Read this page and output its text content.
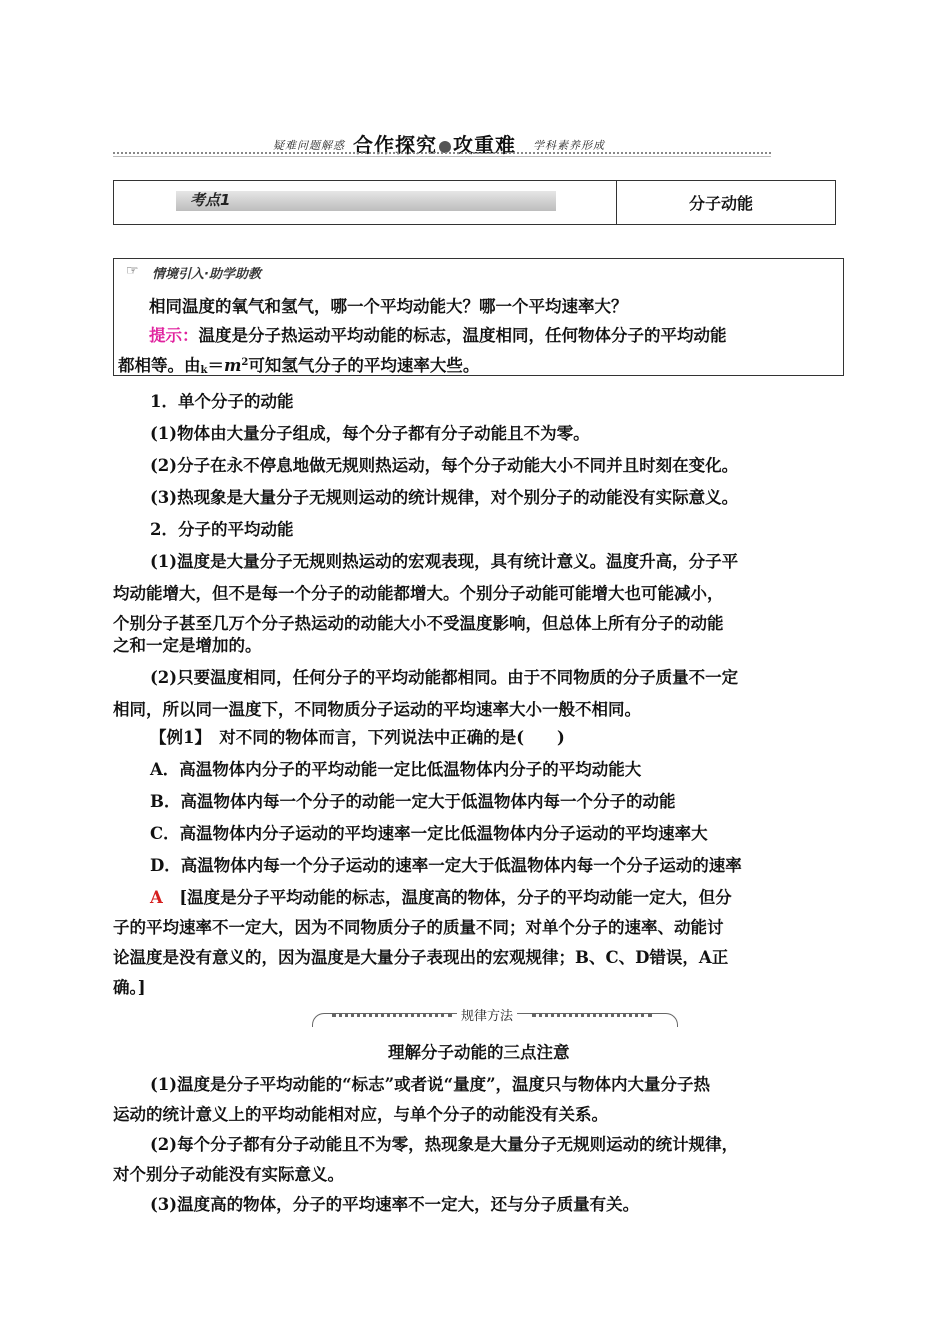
疑难问题解惑 合作探究 攻重难 学科素养形成
考点1	分子动能
☞ 情境引入·助学助教
相同温度的氧气和氢气，哪一个平均动能大？哪一个平均速率大？
提示：温度是分子热运动平均动能的标志，温度相同，任何物体分子的平均动能
都相等。由$_k=m^2$可知氢气分子的平均速率大些。
1．单个分子的动能
(1)物体由大量分子组成，每个分子都有分子动能且不为零。
(2)分子在永不停息地做无规则热运动，每个分子动能大小不同并且时刻在变化。
(3)热现象是大量分子无规则运动的统计规律，对个别分子的动能没有实际意义。
2．分子的平均动能
(1)温度是大量分子无规则热运动的宏观表现，具有统计意义。温度升高，分子平
均动能增大，但不是每一个分子的动能都增大。个别分子动能可能增大也可能减小，
个别分子甚至几万个分子热运动的动能大小不受温度影响，但总体上所有分子的动能
之和一定是增加的。
(2)只要温度相同，任何分子的平均动能都相同。由于不同物质的分子质量不一定
相同，所以同一温度下，不同物质分子运动的平均速率大小一般不相同。
【例1】　 对不同的物体而言，下列说法中正确的是(　　)
A．高温物体内分子的平均动能一定比低温物体内分子的平均动能大
B．高温物体内每一个分子的动能一定大于低温物体内每一个分子的动能
C．高温物体内分子运动的平均速率一定比低温物体内分子运动的平均速率大
D．高温物体内每一个分子运动的速率一定大于低温物体内每一个分子运动的速率
A　 [温度是分子平均动能的标志，温度高的物体，分子的平均动能一定大，但分
子的平均速率不一定大，因为不同物质分子的质量不同；对单个分子的速率、动能讨
论温度是没有意义的，因为温度是大量分子表现出的宏观规律；B、C、D错误，A正
确。]
规律方法
理解分子动能的三点注意
(1)温度是分子平均动能的“标志”或者说“量度”，温度只与物体内大量分子热
运动的统计意义上的平均动能相对应，与单个分子的动能没有关系。
(2)每个分子都有分子动能且不为零，热现象是大量分子无规则运动的统计规律，
对个别分子动能没有实际意义。
(3)温度高的物体，分子的平均速率不一定大，还与分子质量有关。
